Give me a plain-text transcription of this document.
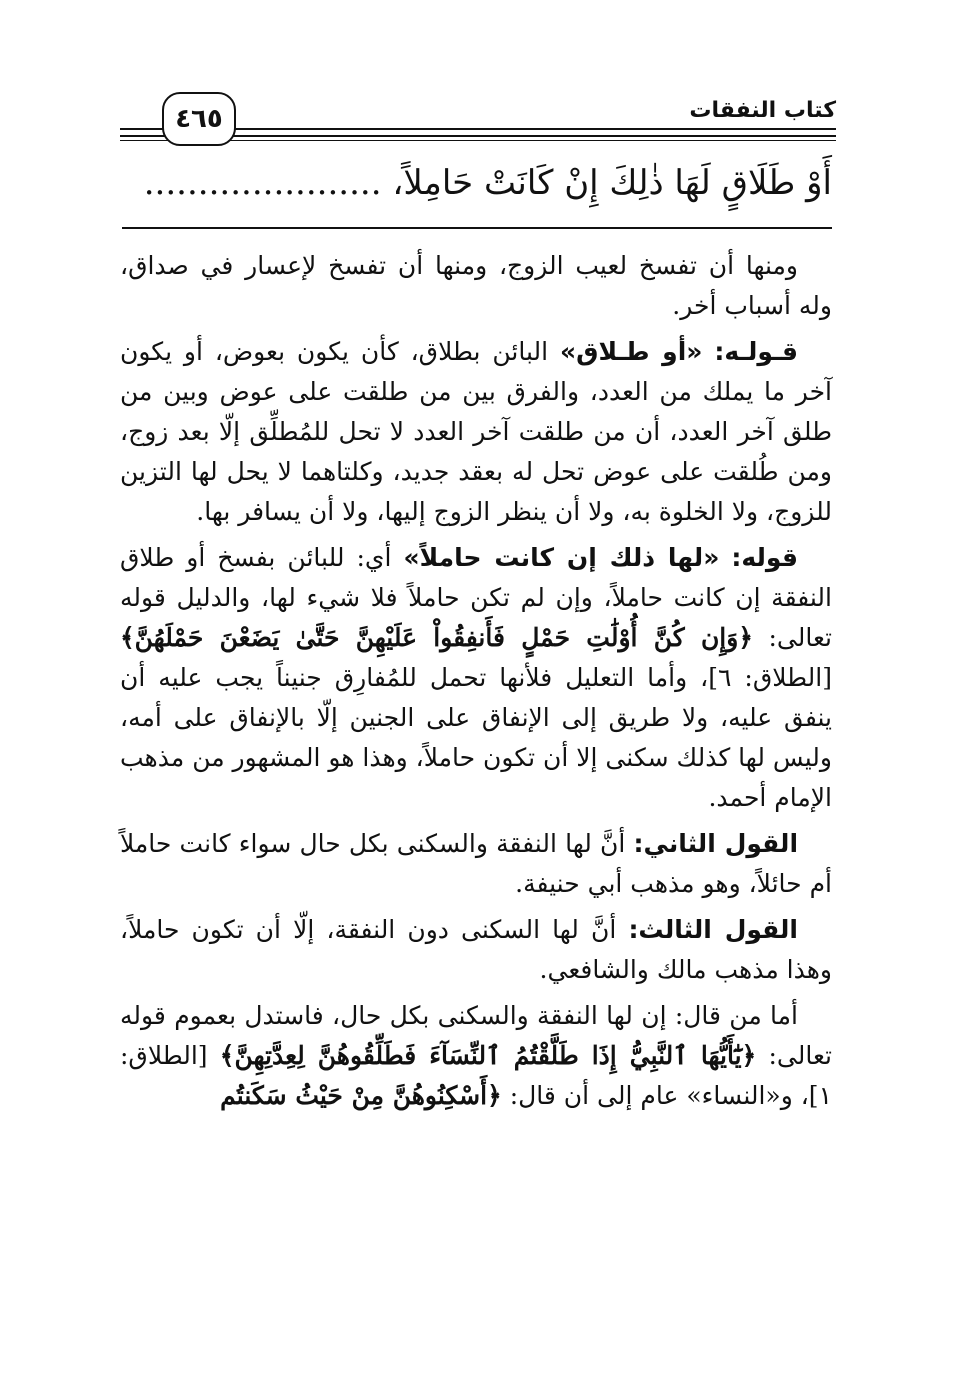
٤٦٥	كتاب النفقات
أَوْ طَلَاقٍ لَهَا ذٰلِكَ إِنْ كَانَتْ حَامِلاً، ......................

ومنها أن تفسخ لعيب الزوج، ومنها أن تفسخ لإعسار في صداق، وله أسباب أخر.

قـولـه: «أو طـلاق» البائن بطلاق، كأن يكون بعوض، أو يكون آخر ما يملك من العدد، والفرق بين من طلقت على عوض وبين من طلق آخر العدد، أن من طلقت آخر العدد لا تحل للمُطلِّق إلّا بعد زوج، ومن طُلقت على عوض تحل له بعقد جديد، وكلتاهما لا يحل لها التزين للزوج، ولا الخلوة به، ولا أن ينظر الزوج إليها، ولا أن يسافر بها.

قوله: «لها ذلك إن كانت حاملاً» أي: للبائن بفسخ أو طلاق النفقة إن كانت حاملاً، وإن لم تكن حاملاً فلا شيء لها، والدليل قوله تعالى: ﴿وَإِن كُنَّ أُوْلَٰتِ حَمْلٍ فَأَنفِقُواْ عَلَيْهِنَّ حَتَّىٰ يَضَعْنَ حَمْلَهُنَّ﴾ [الطلاق: ٦]، وأما التعليل فلأنها تحمل للمُفارِق جنيناً يجب عليه أن ينفق عليه، ولا طريق إلى الإنفاق على الجنين إلّا بالإنفاق على أمه، وليس لها كذلك سكنى إلا أن تكون حاملاً، وهذا هو المشهور من مذهب الإمام أحمد.

القول الثاني: أنَّ لها النفقة والسكنى بكل حال سواء كانت حاملاً أم حائلاً، وهو مذهب أبي حنيفة.

القول الثالث: أنَّ لها السكنى دون النفقة، إلّا أن تكون حاملاً، وهذا مذهب مالك والشافعي.

أما من قال: إن لها النفقة والسكنى بكل حال، فاستدل بعموم قوله تعالى: ﴿يَٰٓأَيُّهَا ٱلنَّبِيُّ إِذَا طَلَّقْتُمُ ٱلنِّسَآءَ فَطَلِّقُوهُنَّ لِعِدَّتِهِنَّ﴾ [الطلاق: ١]، و«النساء» عام إلى أن قال: ﴿أَسْكِنُوهُنَّ مِنْ حَيْثُ سَكَنتُم
